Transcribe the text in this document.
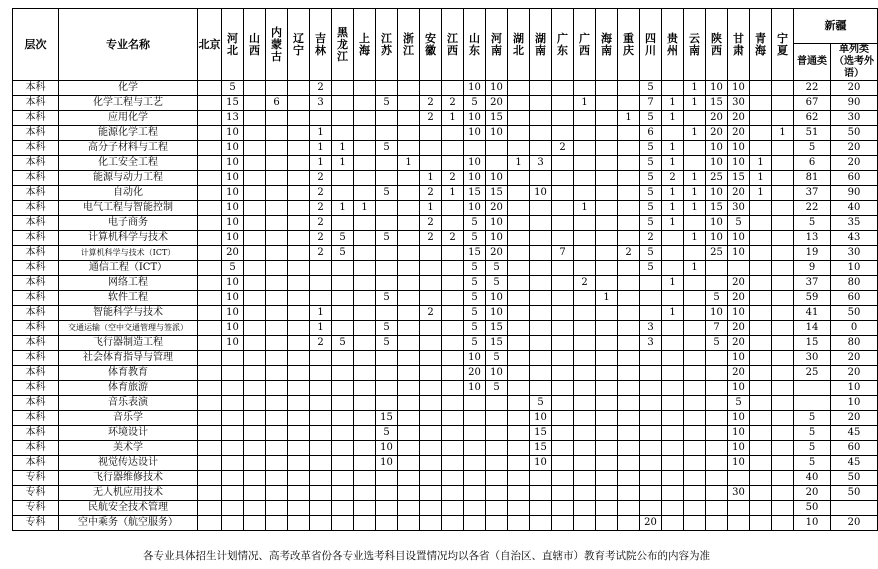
层次	专业名称	北京	河北	山西	内蒙古	辽宁	吉林	黑龙江	上海	江苏	浙江	安徽	江西	山东	河南	湖北	湖南	广东	广西	海南	重庆	四川	贵州	云南	陕西	甘肃	青海	宁夏	新疆	
																													普通类	单列类（选考外语）
本科	化学		5				2							10	10							5		1	10	10			22	20
本科	化学工程与工艺		15		6		3			5		2	2	5	20				1			7	1	1	15	30			67	90
本科	应用化学		13									2	1	10	15						1	5	1		20	20			62	30
本科	能源化学工程		10				1							10	10							6		1	20	20		1	51	50
本科	高分子材料与工程		10				1	1		5								2				5	1		10	10			5	20
本科	化工安全工程		10				1	1			1			10		1	3					5	1		10	10	1		6	20
本科	能源与动力工程		10				2					1	2	10	10							5	2	1	25	15	1		81	60
本科	自动化		10				2			5		2	1	15	15		10					5	1	1	10	20	1		37	90
本科	电气工程与智能控制		10				2	1	1			1		10	20				1			5	1	1	15	30			22	40
本科	电子商务		10				2					2		5	10							5	1		10	5			5	35
本科	计算机科学与技术		10				2	5		5		2	2	5	10							2		1	10	10			13	43
本科	计算机科学与技术（ICT）		20				2	5						15	20			7			2	5			25	10			19	30
本科	通信工程（ICT）		5											5	5							5		1					9	10
本科	网络工程		10											5	5				2				1			20			37	80
本科	软件工程		10							5				5	10					1					5	20			59	60
本科	智能科学与技术		10				1					2		5	10								1		10	10			41	50
本科	交通运输（空中交通管理与签派）		10				1			5				5	15							3			7	20			14	0
本科	飞行器制造工程		10				2	5		5				5	15							3			5	20			15	80
本科	社会体育指导与管理													10	5											10			30	20
本科	体育教育													20	10											20			25	20
本科	体育旅游													10	5											10				10
本科	音乐表演																5									5				10
本科	音乐学									15							10									10			5	20
本科	环境设计									5							15									10			5	45
本科	美术学									10							15									10			5	60
本科	视觉传达设计									10							10									10			5	45
专科	飞行器维修技术																												40	50
专科	无人机应用技术																									30			20	50
专科	民航安全技术管理																												50	
专科	空中乘务（航空服务）																					20							10	20
各专业具体招生计划情况、高考改革省份各专业选考科目设置情况均以各省（自治区、直辖市）教育考试院公布的内容为准
